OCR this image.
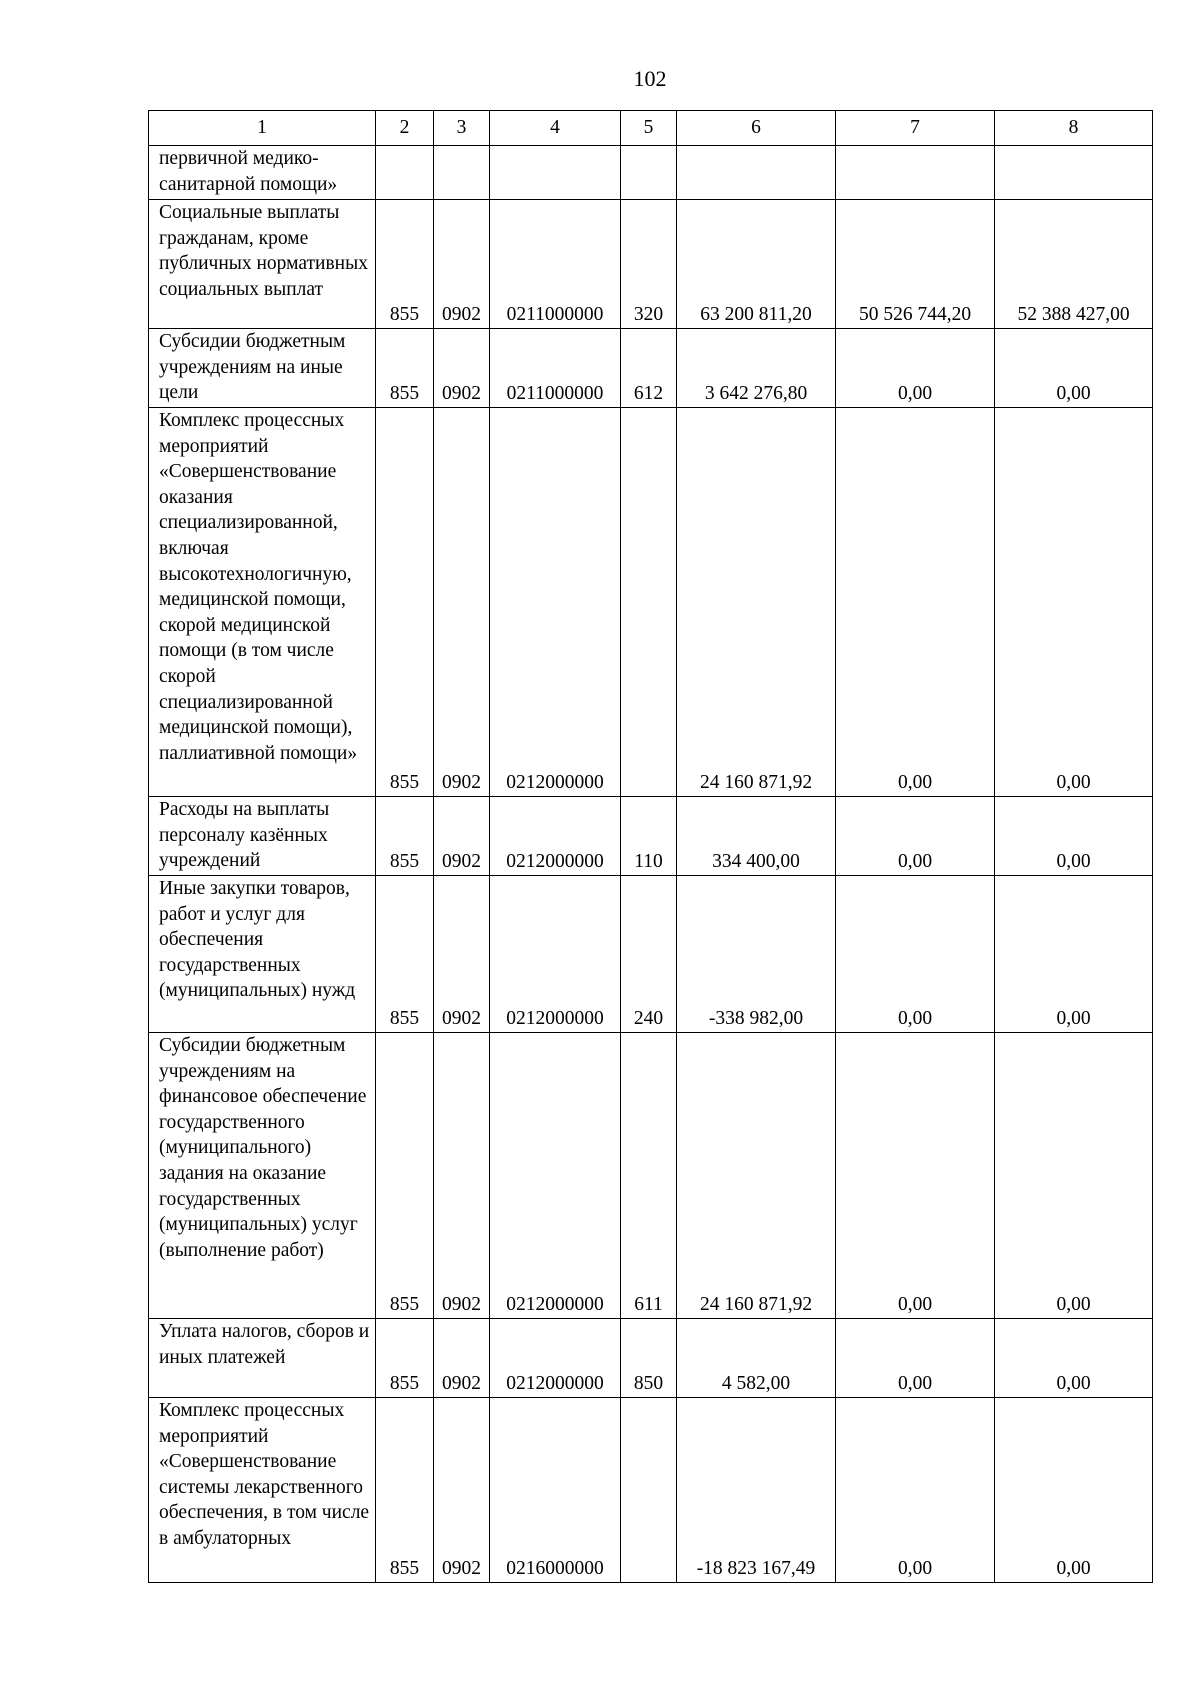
102
1	2	3	4	5	6	7	8
первичной медико-санитарной помощи»							
Социальные выплаты гражданам, кроме публичных нормативных социальных выплат	855	0902	0211000000	320	63 200 811,20	50 526 744,20	52 388 427,00
Субсидии бюджетным учреждениям на иные цели	855	0902	0211000000	612	3 642 276,80	0,00	0,00
Комплекс процессных мероприятий «Совершенствование оказания специализированной, включая высокотехнологичную, медицинской помощи, скорой медицинской помощи (в том числе скорой специализированной медицинской помощи), паллиативной помощи»	855	0902	0212000000		24 160 871,92	0,00	0,00
Расходы на выплаты персоналу казённых учреждений	855	0902	0212000000	110	334 400,00	0,00	0,00
Иные закупки товаров, работ и услуг для обеспечения государственных (муниципальных) нужд	855	0902	0212000000	240	-338 982,00	0,00	0,00
Субсидии бюджетным учреждениям на финансовое обеспечение государственного (муниципального) задания на оказание государственных (муниципальных) услуг (выполнение работ)	855	0902	0212000000	611	24 160 871,92	0,00	0,00
Уплата налогов, сборов и иных платежей	855	0902	0212000000	850	4 582,00	0,00	0,00
Комплекс процессных мероприятий «Совершенствование системы лекарственного обеспечения, в том числе в амбулаторных	855	0902	0216000000		-18 823 167,49	0,00	0,00
